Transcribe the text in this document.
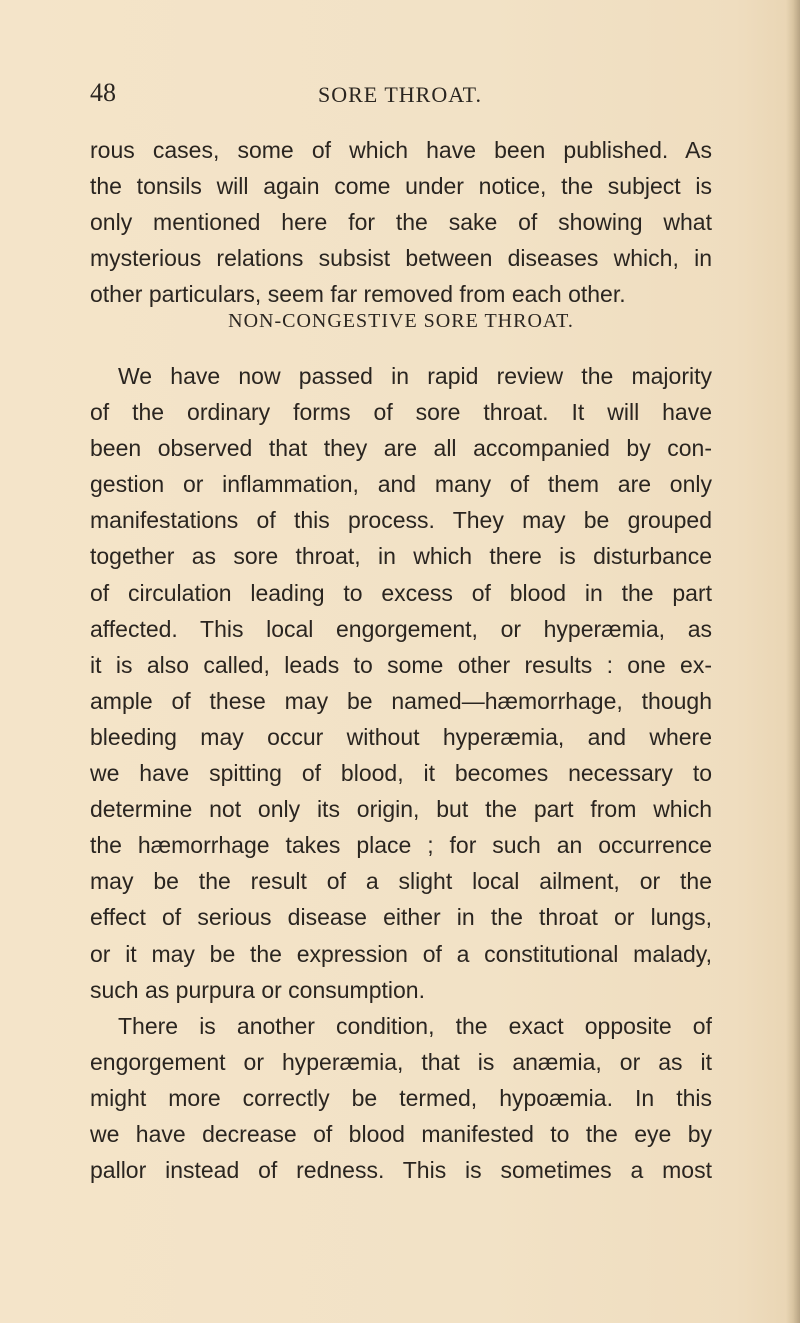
48	SORE THROAT.
rous cases, some of which have been published. As
the tonsils will again come under notice, the subject is
only mentioned here for the sake of showing what
mysterious relations subsist between diseases which, in
other particulars, seem far removed from each other.
NON-CONGESTIVE SORE THROAT.
We have now passed in rapid review the majority
of the ordinary forms of sore throat. It will have
been observed that they are all accompanied by con-
gestion or inflammation, and many of them are only
manifestations of this process. They may be grouped
together as sore throat, in which there is disturbance
of circulation leading to excess of blood in the part
affected. This local engorgement, or hyperæmia, as
it is also called, leads to some other results : one ex-
ample of these may be named—hæmorrhage, though
bleeding may occur without hyperæmia, and where
we have spitting of blood, it becomes necessary to
determine not only its origin, but the part from which
the hæmorrhage takes place ; for such an occurrence
may be the result of a slight local ailment, or the
effect of serious disease either in the throat or lungs,
or it may be the expression of a constitutional malady,
such as purpura or consumption.
There is another condition, the exact opposite of
engorgement or hyperæmia, that is anæmia, or as it
might more correctly be termed, hypoæmia. In this
we have decrease of blood manifested to the eye by
pallor instead of redness. This is sometimes a most
